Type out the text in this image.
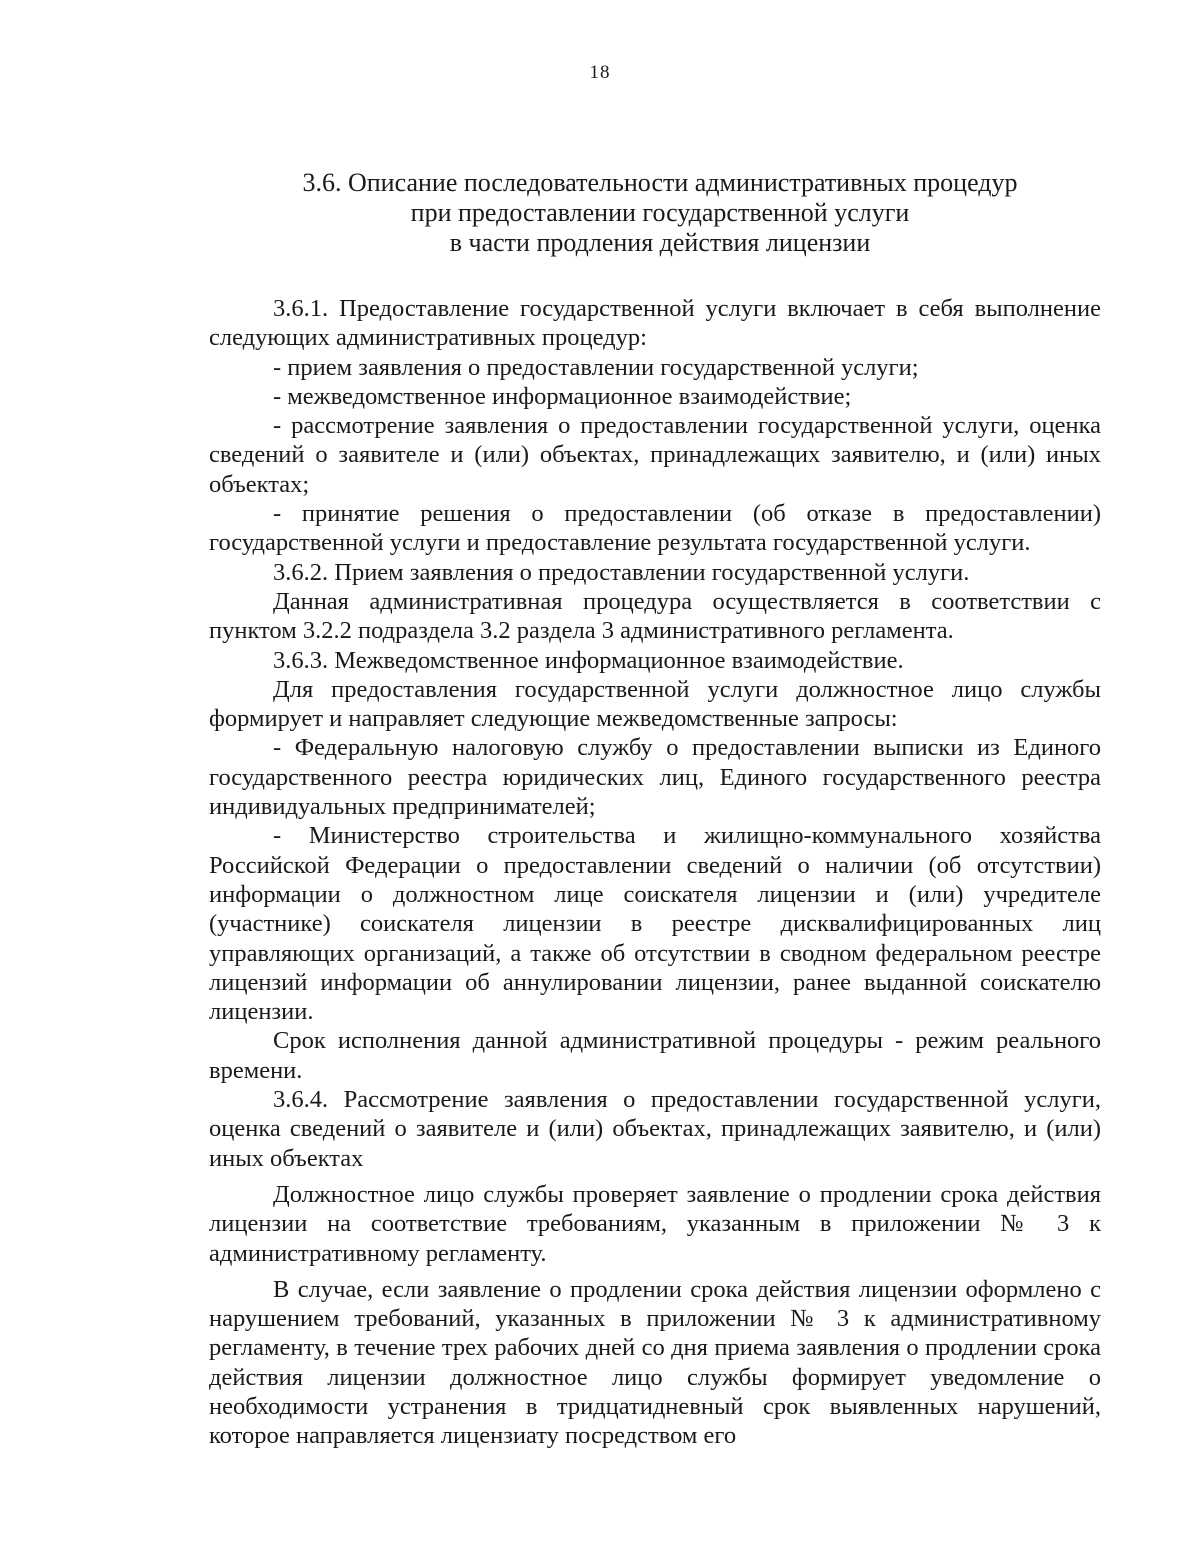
18
3.6. Описание последовательности административных процедур
при предоставлении государственной услуги
в части продления действия лицензии

3.6.1. Предоставление государственной услуги включает в себя выполнение следующих административных процедур:

- прием заявления о предоставлении государственной услуги;

- межведомственное информационное взаимодействие;

- рассмотрение заявления о предоставлении государственной услуги, оценка сведений о заявителе и (или) объектах, принадлежащих заявителю, и (или) иных объектах;

- принятие решения о предоставлении (об отказе в предоставлении) государственной услуги и предоставление результата государственной услуги.

3.6.2. Прием заявления о предоставлении государственной услуги.

Данная административная процедура осуществляется в соответствии с пунктом 3.2.2 подраздела 3.2 раздела 3 административного регламента.

3.6.3. Межведомственное информационное взаимодействие.

Для предоставления государственной услуги должностное лицо службы формирует и направляет следующие межведомственные запросы:

- Федеральную налоговую службу о предоставлении выписки из Единого государственного реестра юридических лиц, Единого государственного реестра индивидуальных предпринимателей;

- Министерство строительства и жилищно-коммунального хозяйства Российской Федерации о предоставлении сведений о наличии (об отсутствии) информации о должностном лице соискателя лицензии и (или) учредителе (участнике) соискателя лицензии в реестре дисквалифицированных лиц управляющих организаций, а также об отсутствии в сводном федеральном реестре лицензий информации об аннулировании лицензии, ранее выданной соискателю лицензии.

Срок исполнения данной административной процедуры - режим реального времени.

3.6.4. Рассмотрение заявления о предоставлении государственной услуги, оценка сведений о заявителе и (или) объектах, принадлежащих заявителю, и (или) иных объектах

Должностное лицо службы проверяет заявление о продлении срока действия лицензии на соответствие требованиям, указанным в приложении № 3 к административному регламенту.

В случае, если заявление о продлении срока действия лицензии оформлено с нарушением требований, указанных в приложении № 3 к административному регламенту, в течение трех рабочих дней со дня приема заявления о продлении срока действия лицензии должностное лицо службы формирует уведомление о необходимости устранения в тридцатидневный срок выявленных нарушений, которое направляется лицензиату посредством его
